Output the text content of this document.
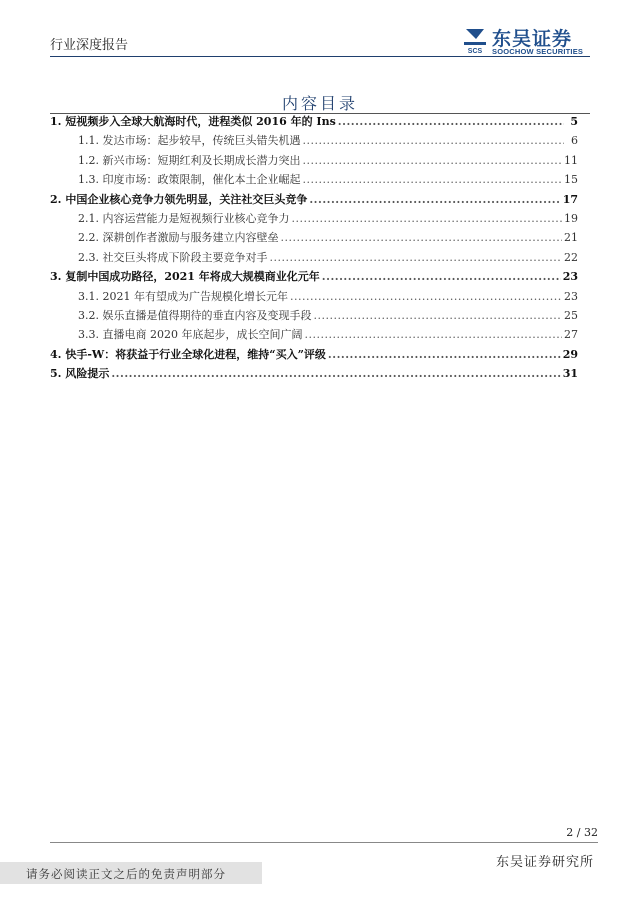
行业深度报告	SCS
东吴证券
SOOCHOW SECURITIES
内容目录
1.
短视频步入全球大航海时代，进程类似 2016 年的 Ins .....	5
1.1.
发达市场：起步较早，传统巨头错失机遇 .....	6
1.2.
新兴市场：短期红利及长期成长潜力突出 .....	11
1.3.
印度市场：政策限制，催化本土企业崛起 .....	15
2.
中国企业核心竞争力领先明显，关注社交巨头竞争 .....	17
2.1.
内容运营能力是短视频行业核心竞争力 .....	19
2.2.
深耕创作者激励与服务建立内容壁垒 .....	21
2.3.
社交巨头将成下阶段主要竞争对手 .....	22
3.
复制中国成功路径，2021 年将成大规模商业化元年 .....	23
3.1.
2021 年有望成为广告规模化增长元年 .....	23
3.2.
娱乐直播是值得期待的垂直内容及变现手段 .....	25
3.3.
直播电商 2020 年底起步，成长空间广阔 .....	27
4.
快手-W：将获益于行业全球化进程，维持“买入”评级 .....	29
5.
风险提示 .....	31
2 / 32
东吴证券研究所
请务必阅读正文之后的免责声明部分
